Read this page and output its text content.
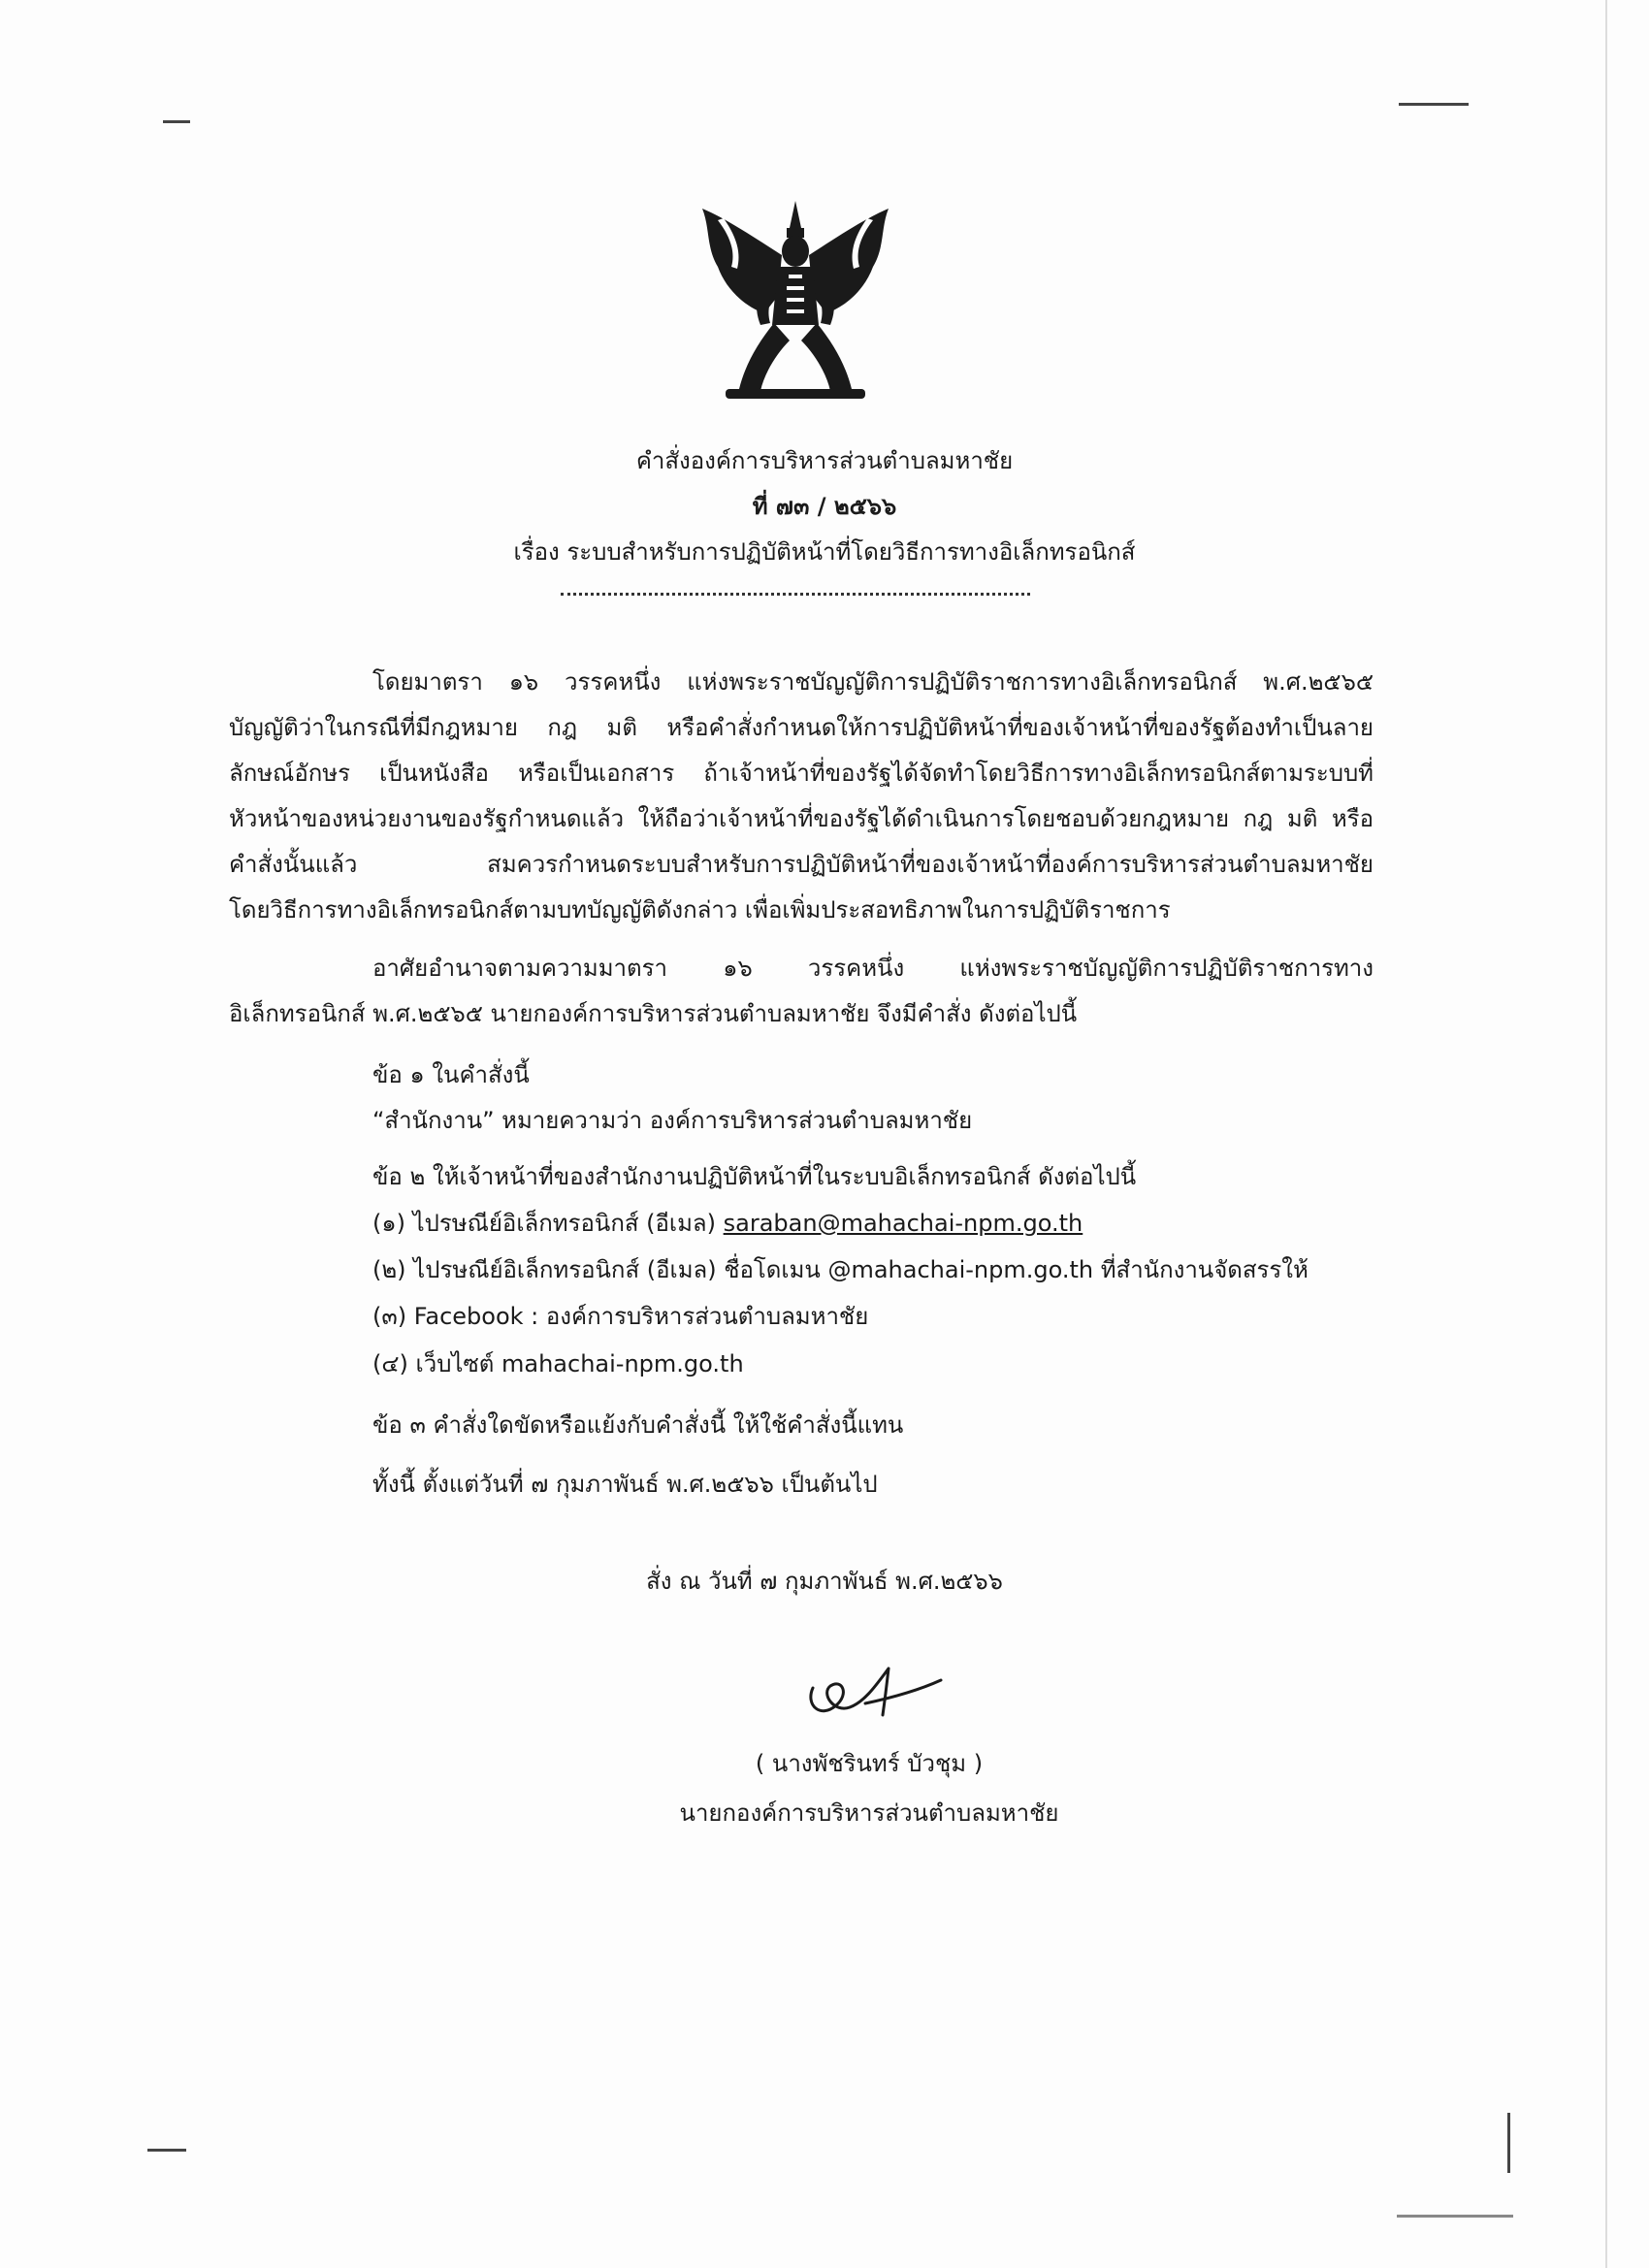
คำสั่งองค์การบริหารส่วนตำบลมหาชัย
ที่ ๗๓ / ๒๕๖๖
เรื่อง ระบบสำหรับการปฏิบัติหน้าที่โดยวิธีการทางอิเล็กทรอนิกส์
โดยมาตรา ๑๖ วรรคหนึ่ง แห่งพระราชบัญญัติการปฏิบัติราชการทางอิเล็กทรอนิกส์ พ.ศ.๒๕๖๕
บัญญัติว่าในกรณีที่มีกฎหมาย กฎ มติ หรือคำสั่งกำหนดให้การปฏิบัติหน้าที่ของเจ้าหน้าที่ของรัฐต้องทำเป็นลาย
ลักษณ์อักษร เป็นหนังสือ หรือเป็นเอกสาร ถ้าเจ้าหน้าที่ของรัฐได้จัดทำโดยวิธีการทางอิเล็กทรอนิกส์ตามระบบที่
หัวหน้าของหน่วยงานของรัฐกำหนดแล้ว ให้ถือว่าเจ้าหน้าที่ของรัฐได้ดำเนินการโดยชอบด้วยกฎหมาย กฎ มติ หรือ
คำสั่งนั้นแล้ว สมควรกำหนดระบบสำหรับการปฏิบัติหน้าที่ของเจ้าหน้าที่องค์การบริหารส่วนตำบลมหาชัย
โดยวิธีการทางอิเล็กทรอนิกส์ตามบทบัญญัติดังกล่าว เพื่อเพิ่มประสอทธิภาพในการปฏิบัติราชการ
อาศัยอำนาจตามความมาตรา ๑๖ วรรคหนึ่ง แห่งพระราชบัญญัติการปฏิบัติราชการทาง
อิเล็กทรอนิกส์ พ.ศ.๒๕๖๕ นายกองค์การบริหารส่วนตำบลมหาชัย จึงมีคำสั่ง ดังต่อไปนี้
ข้อ ๑ ในคำสั่งนี้
“สำนักงาน” หมายความว่า องค์การบริหารส่วนตำบลมหาชัย
ข้อ ๒ ให้เจ้าหน้าที่ของสำนักงานปฏิบัติหน้าที่ในระบบอิเล็กทรอนิกส์ ดังต่อไปนี้
(๑) ไปรษณีย์อิเล็กทรอนิกส์ (อีเมล) saraban@mahachai-npm.go.th
(๒) ไปรษณีย์อิเล็กทรอนิกส์ (อีเมล) ชื่อโดเมน @mahachai-npm.go.th ที่สำนักงานจัดสรรให้
(๓) Facebook : องค์การบริหารส่วนตำบลมหาชัย
(๔) เว็บไซต์ mahachai-npm.go.th
ข้อ ๓ คำสั่งใดขัดหรือแย้งกับคำสั่งนี้ ให้ใช้คำสั่งนี้แทน
ทั้งนี้ ตั้งแต่วันที่ ๗ กุมภาพันธ์ พ.ศ.๒๕๖๖ เป็นต้นไป
สั่ง ณ วันที่ ๗ กุมภาพันธ์ พ.ศ.๒๕๖๖
( นางพัชรินทร์ บัวชุม )
นายกองค์การบริหารส่วนตำบลมหาชัย
